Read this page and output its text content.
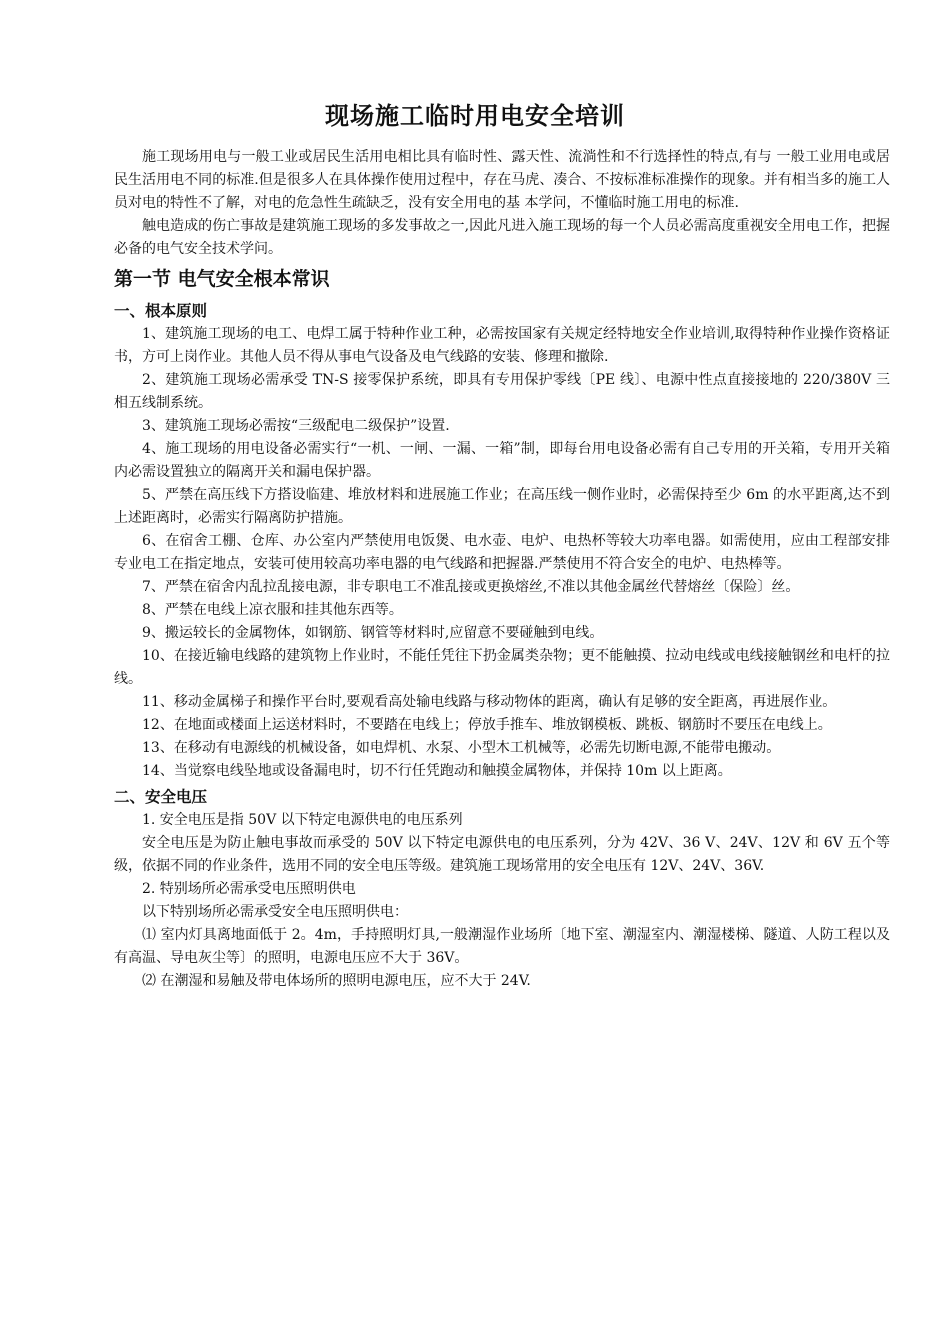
现场施工临时用电安全培训

施工现场用电与一般工业或居民生活用电相比具有临时性、露天性、流淌性和不行选择性的特点,有与 一般工业用电或居民生活用电不同的标准.但是很多人在具体操作使用过程中，存在马虎、凑合、不按标准标准操作的现象。并有相当多的施工人员对电的特性不了解，对电的危急性生疏缺乏，没有安全用电的基 本学问，不懂临时施工用电的标准.

触电造成的伤亡事故是建筑施工现场的多发事故之一,因此凡进入施工现场的每一个人员必需高度重视安全用电工作，把握必备的电气安全技术学问。

第一节 电气安全根本常识
一、根本原则

1、建筑施工现场的电工、电焊工属于特种作业工种，必需按国家有关规定经特地安全作业培训,取得特种作业操作资格证书，方可上岗作业。其他人员不得从事电气设备及电气线路的安装、修理和撤除.

2、建筑施工现场必需承受 TN-S 接零保护系统，即具有专用保护零线〔PE 线〕、电源中性点直接接地的 220/380V 三相五线制系统。

3、建筑施工现场必需按“三级配电二级保护”设置.

4、施工现场的用电设备必需实行“一机、一闸、一漏、一箱”制，即每台用电设备必需有自己专用的开关箱，专用开关箱内必需设置独立的隔离开关和漏电保护器。

5、严禁在高压线下方搭设临建、堆放材料和进展施工作业；在高压线一侧作业时，必需保持至少 6m 的水平距离,达不到上述距离时，必需实行隔离防护措施。

6、在宿舍工棚、仓库、办公室内严禁使用电饭煲、电水壶、电炉、电热杯等较大功率电器。如需使用，应由工程部安排专业电工在指定地点，安装可使用较高功率电器的电气线路和把握器.严禁使用不符合安全的电炉、电热棒等。

7、严禁在宿舍内乱拉乱接电源，非专职电工不准乱接或更换熔丝,不准以其他金属丝代替熔丝〔保险〕丝。

8、严禁在电线上凉衣服和挂其他东西等。

9、搬运较长的金属物体，如钢筋、钢管等材料时,应留意不要碰触到电线。

10、在接近输电线路的建筑物上作业时，不能任凭往下扔金属类杂物；更不能触摸、拉动电线或电线接触钢丝和电杆的拉线。

11、移动金属梯子和操作平台时,要观看高处输电线路与移动物体的距离，确认有足够的安全距离，再进展作业。

12、在地面或楼面上运送材料时，不要踏在电线上；停放手推车、堆放钢模板、跳板、钢筋时不要压在电线上。

13、在移动有电源线的机械设备，如电焊机、水泵、小型木工机械等，必需先切断电源,不能带电搬动。

14、当觉察电线坠地或设备漏电时，切不行任凭跑动和触摸金属物体，并保持 10m 以上距离。

二、安全电压

1. 安全电压是指 50V 以下特定电源供电的电压系列

安全电压是为防止触电事故而承受的 50V 以下特定电源供电的电压系列，分为 42V、36 V、24V、12V 和 6V 五个等级，依据不同的作业条件，选用不同的安全电压等级。建筑施工现场常用的安全电压有 12V、24V、36V.

2. 特别场所必需承受电压照明供电

以下特别场所必需承受安全电压照明供电：

⑴ 室内灯具离地面低于 2。4m，手持照明灯具,一般潮湿作业场所〔地下室、潮湿室内、潮湿楼梯、隧道、人防工程以及有高温、导电灰尘等〕的照明，电源电压应不大于 36V。

⑵ 在潮湿和易触及带电体场所的照明电源电压，应不大于 24V.
